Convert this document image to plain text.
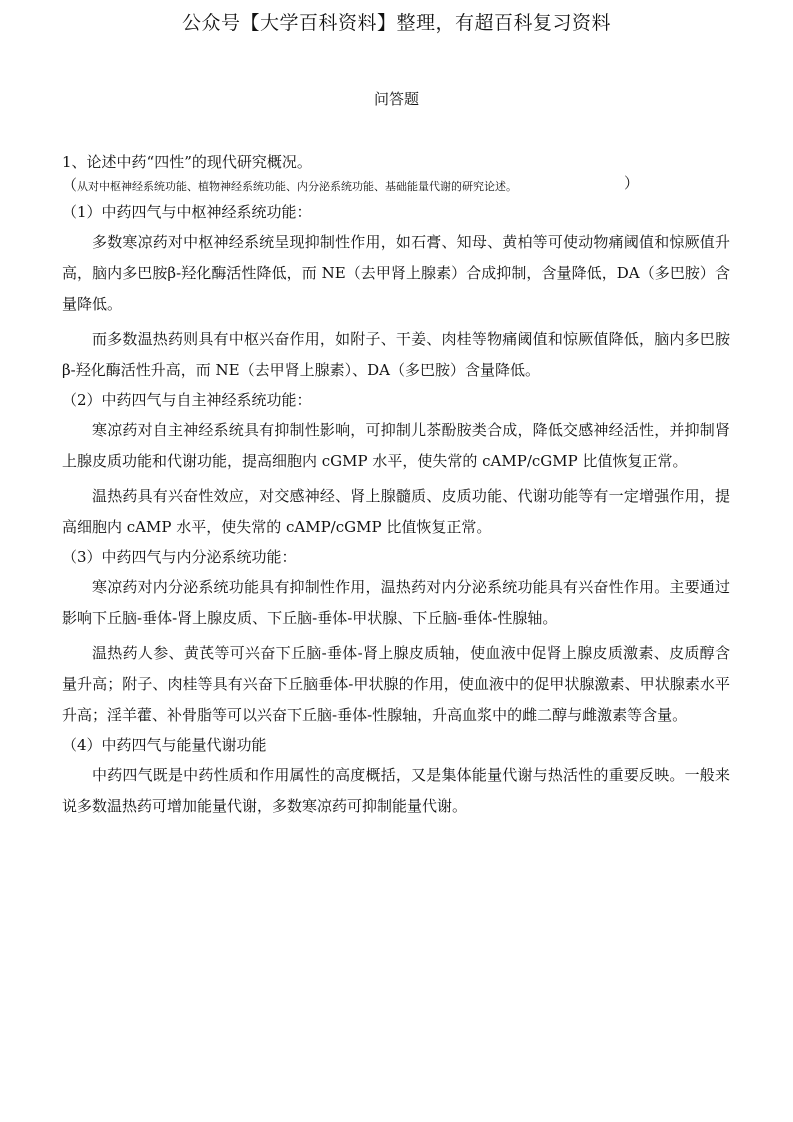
公众号【大学百科资料】整理，有超百科复习资料
问答题

1、论述中药“四性”的现代研究概况。

（从对中枢神经系统功能、植物神经系统功能、内分泌系统功能、基础能量代谢的研究论述。	）

（1）中药四气与中枢神经系统功能：

多数寒凉药对中枢神经系统呈现抑制性作用，如石膏、知母、黄柏等可使动物痛阈值和惊厥值升高，脑内多巴胺β-羟化酶活性降低，而 NE（去甲肾上腺素）合成抑制，含量降低，DA（多巴胺）含量降低。

而多数温热药则具有中枢兴奋作用，如附子、干姜、肉桂等物痛阈值和惊厥值降低，脑内多巴胺β-羟化酶活性升高，而 NE（去甲肾上腺素）、DA（多巴胺）含量降低。

（2）中药四气与自主神经系统功能：

寒凉药对自主神经系统具有抑制性影响，可抑制儿茶酚胺类合成，降低交感神经活性，并抑制肾上腺皮质功能和代谢功能，提高细胞内 cGMP 水平，使失常的 cAMP/cGMP 比值恢复正常。

温热药具有兴奋性效应，对交感神经、肾上腺髓质、皮质功能、代谢功能等有一定增强作用，提高细胞内 cAMP 水平，使失常的 cAMP/cGMP 比值恢复正常。

（3）中药四气与内分泌系统功能：

寒凉药对内分泌系统功能具有抑制性作用，温热药对内分泌系统功能具有兴奋性作用。主要通过影响下丘脑-垂体-肾上腺皮质、下丘脑-垂体-甲状腺、下丘脑-垂体-性腺轴。

温热药人参、黄芪等可兴奋下丘脑-垂体-肾上腺皮质轴，使血液中促肾上腺皮质激素、皮质醇含量升高；附子、肉桂等具有兴奋下丘脑垂体-甲状腺的作用，使血液中的促甲状腺激素、甲状腺素水平升高；淫羊藿、补骨脂等可以兴奋下丘脑-垂体-性腺轴，升高血浆中的雌二醇与雌激素等含量。

（4）中药四气与能量代谢功能

中药四气既是中药性质和作用属性的高度概括，又是集体能量代谢与热活性的重要反映。一般来说多数温热药可增加能量代谢，多数寒凉药可抑制能量代谢。
